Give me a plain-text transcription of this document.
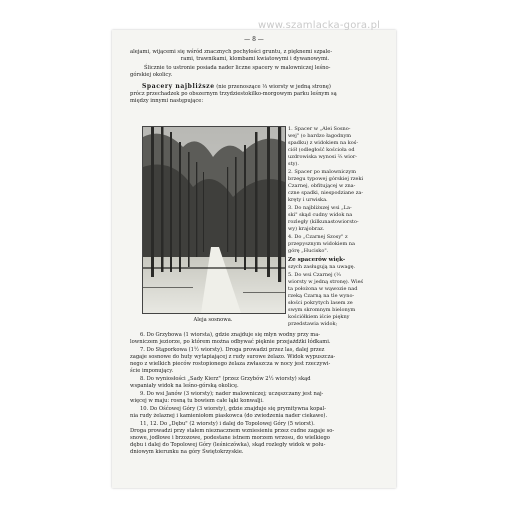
— 8 —

alejami, wijącemi się wśród znacznych pochyłości gruntu, z pięknemi szpale-

rami, trawnikami, klombami kwiatowymi i dywanowymi.

Ślicznie to ustronie posiada nader liczne spacery w malowniczej leśno-

górskiej okolicy.

Spacery najbliższe (nie przenoszące ⅓ wiorsty w jedną stronę)

prócz przechadzek po obszernym trzydziestokilko-morgowym parku leśnym są

między innymi następujące:

Aleja sosnowa.

1. Spacer w „Alei Sosno-

wej" (o bardzo łagodnym

spadku) z widokiem na koś-

ciół (odległość kościoła od

uzdrowiska wynosi ⅔ wior-

sty).

2. Spacer po malowniczym

brzegu typowej górskiej rzeki

Czarnej, obfitującej w zna-

czne spadki, niespodziane za-

kręty i urwiska.

3. Do najbliższej wsi „La-

ski" skąd cudny widok na

rozległy (kilkunastowiorsto-

wy) krajobraz.

4. Do „Czarnej Szosy" z

przepysznym widokiem na

górę „Hucisko".

Ze spacerów więk-

szych zasługują na uwagę.

5. Do wsi Czarnej (⅓

wiorsty w jedną stronę). Wieś

ta położona w wąwozie nad

rzeką Czarną na tle wyno-

słości pokrytych lasem ze

swym skromnym bielonym

kościółkiem iście piękny

przedstawia widok;

6. Do Grzybowa (1 wiorsta), gdzie znajduje się młyn wodny przy ma-

lowniczem jeziorze, po którem można odbywać pięknie przejażdżki łódkami.

7. Do Stąporkowa (1½ wiorsty). Droga prowadzi przez las, dalej przez

zagaje sosnowe do huty wytapiającej z rudy surowe żelazo. Widok wypuszcza-

nego z wielkich pieców rostopionego żelaza zwłaszcza w nocy jest rzeczywi-

ście imponujący.

8. Do wyniosłości „Sady Kierz" (przez Grzybów 2½ wiorsty) skąd

wspaniały widok na leśno-górską okolicę.

9. Do wsi Janów (3 wiorsty); nader malowniczej; uczęszczany jest naj-

więcej w maju: rosną tu bowiem całe łąki konwalji.

10. Do Ośćowej Góry (3 wiorsty), gdzie znajduje się prymitywna kopal-

nia rudy żelaznej i kamieniołom piaskowca (do zwiedzenia nader ciekawe).

11, 12. Do „Dębu" (2 wiorsty) i dalej do Topolowej Góry (5 wiorst).

Droga prowadzi przy stałem nieznacznem wzniesieniu przez cudne zagaje so-

snowe, jodłowe i brzozowe, podestane istnem morzem wrzosu, do wielkiego

dębu i dalej do Topolowej Góry (leśniczówka), skąd rozległy widok w połu-

dniowym kierunku na góry Świętokrzyskie.

www.szamlacka-gora.pl
